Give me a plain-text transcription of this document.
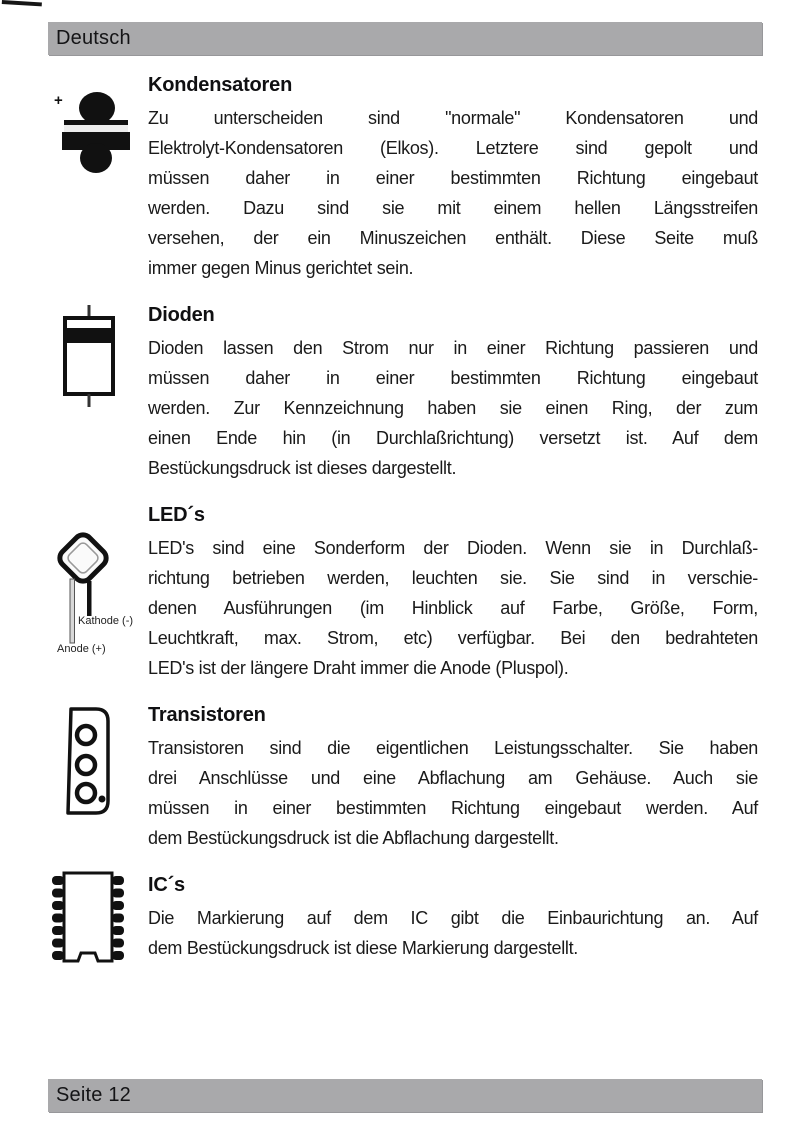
Deutsch
+
Kondensatoren
Zu unterscheiden sind "normale" Kondensatoren und
Elektrolyt-Kondensatoren (Elkos). Letztere sind gepolt und
müssen daher in einer bestimmten Richtung eingebaut
werden. Dazu sind sie mit einem hellen Längsstreifen
versehen, der ein Minuszeichen enthält. Diese Seite muß
immer gegen Minus gerichtet sein.
Dioden
Dioden lassen den Strom nur in einer Richtung passieren und
müssen daher in einer bestimmten Richtung eingebaut
werden. Zur Kennzeichnung haben sie einen Ring, der zum
einen Ende hin (in Durchlaßrichtung) versetzt ist. Auf dem
Bestückungsdruck ist dieses dargestellt.
Kathode (-)
Anode (+)
LED´s
LED's sind eine Sonderform der Dioden. Wenn sie in Durchlaß-
richtung betrieben werden, leuchten sie. Sie sind in verschie-
denen Ausführungen (im Hinblick auf Farbe, Größe, Form,
Leuchtkraft, max. Strom, etc) verfügbar. Bei den bedrahteten
LED's ist der längere Draht immer die Anode (Pluspol).
Transistoren
Transistoren sind die eigentlichen Leistungsschalter. Sie haben
drei Anschlüsse und eine Abflachung am Gehäuse. Auch sie
müssen in einer bestimmten Richtung eingebaut werden. Auf
dem Bestückungsdruck ist die Abflachung dargestellt.
IC´s
Die Markierung auf dem IC gibt die Einbaurichtung an. Auf
dem Bestückungsdruck ist diese Markierung dargestellt.
Seite 12
